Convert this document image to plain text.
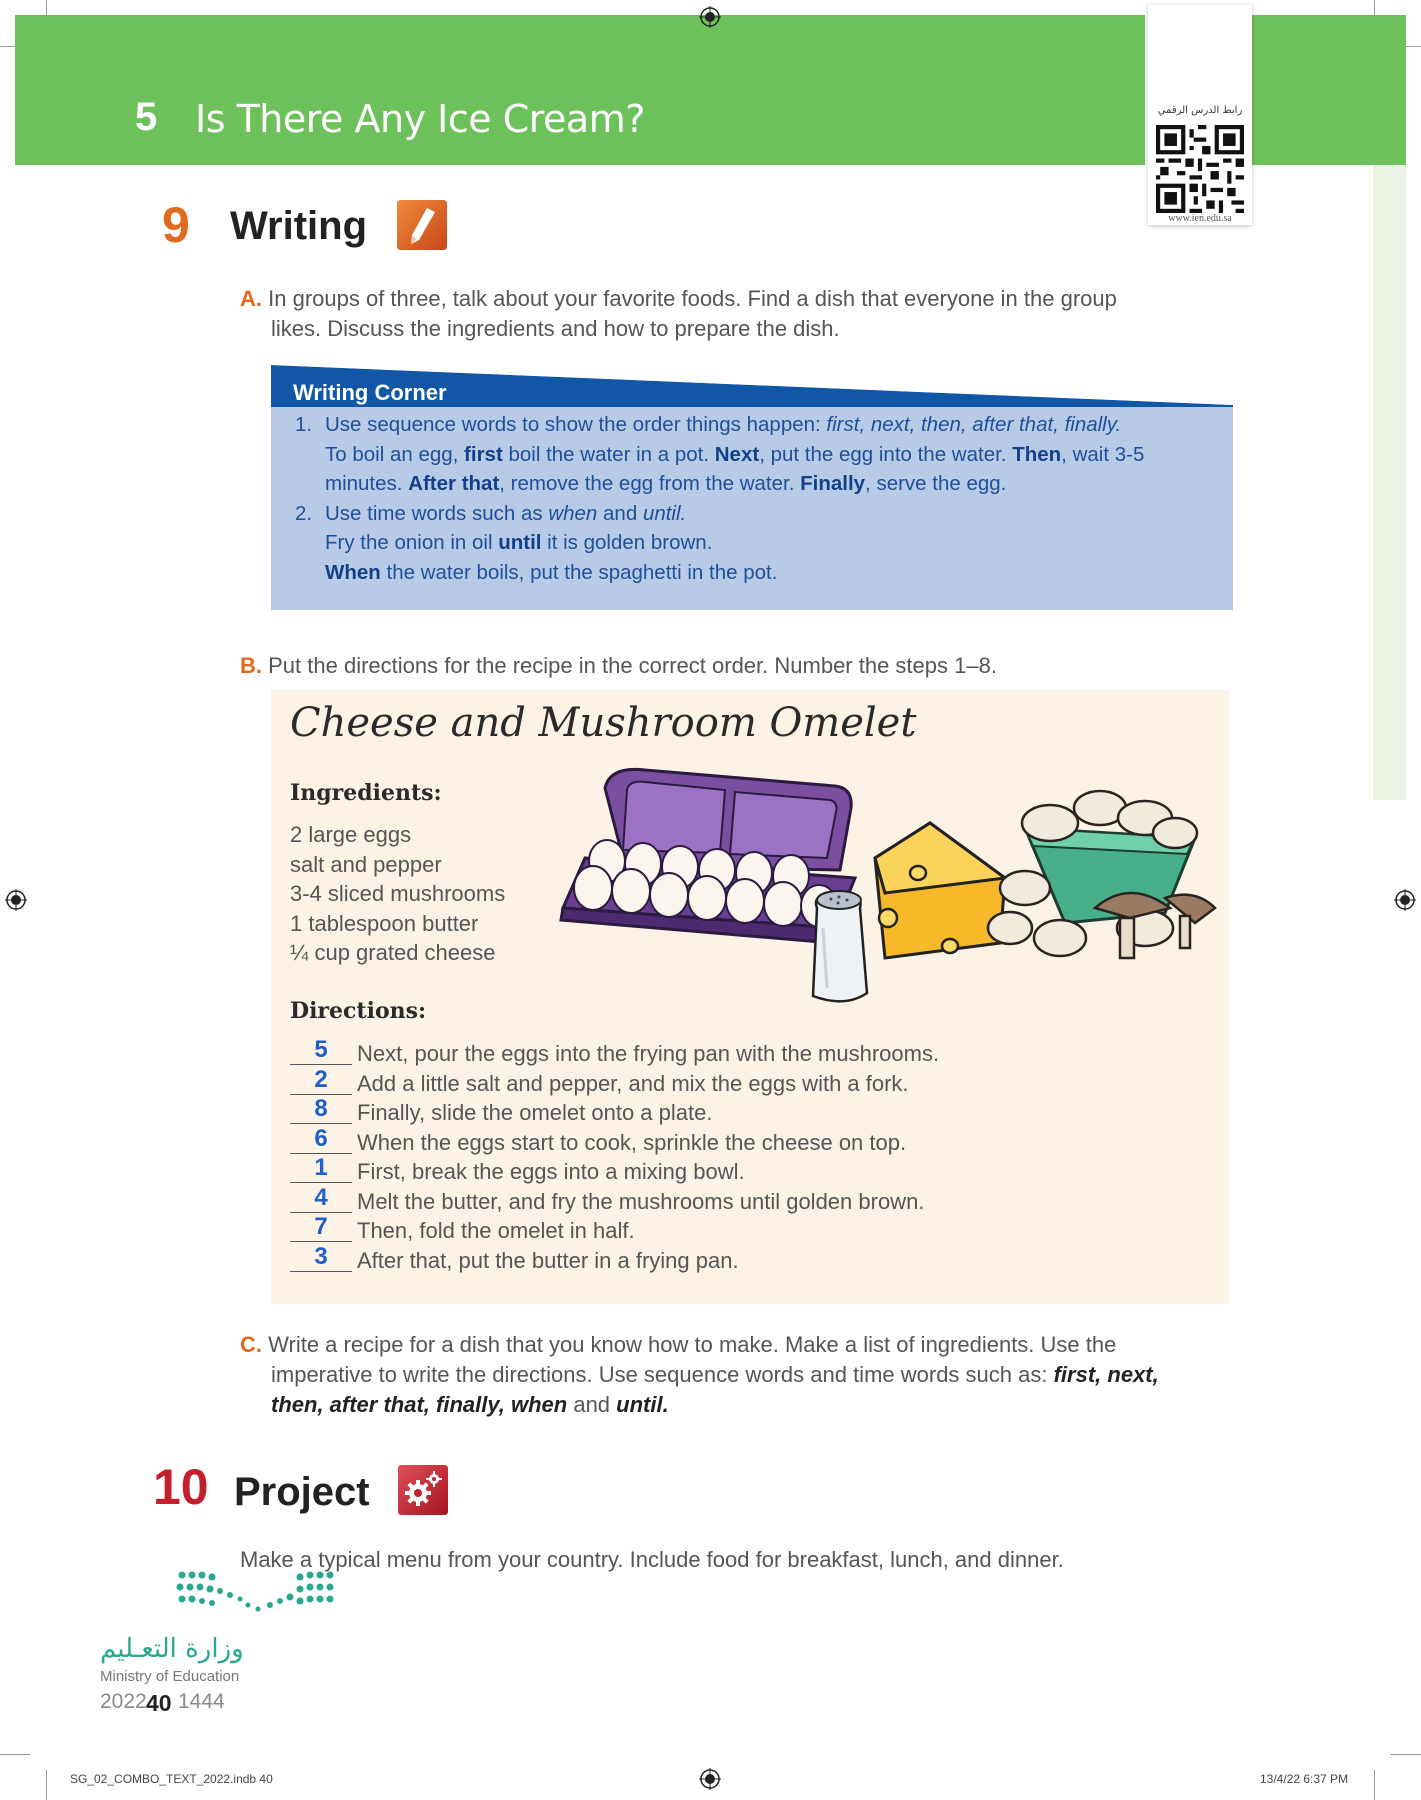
5 Is There Any Ice Cream?	رابط الدرس الرقمي
www.ien.edu.sa
9 Writing
A. In groups of three, talk about your favorite foods. Find a dish that everyone in the group
likes. Discuss the ingredients and how to prepare the dish.
Writing Corner
1. Use sequence words to show the order things happen: first, next, then, after that, finally.
To boil an egg, first boil the water in a pot. Next, put the egg into the water. Then, wait 3-5
minutes. After that, remove the egg from the water. Finally, serve the egg.
2. Use time words such as when and until.
Fry the onion in oil until it is golden brown.
When the water boils, put the spaghetti in the pot.
B. Put the directions for the recipe in the correct order. Number the steps 1–8.
Cheese and Mushroom Omelet
Ingredients:
2 large eggs
salt and pepper
3-4 sliced mushrooms
1 tablespoon butter
¼ cup grated cheese
Directions:
5	Next, pour the eggs into the frying pan with the mushrooms.
2	Add a little salt and pepper, and mix the eggs with a fork.
8	Finally, slide the omelet onto a plate.
6	When the eggs start to cook, sprinkle the cheese on top.
1	First, break the eggs into a mixing bowl.
4	Melt the butter, and fry the mushrooms until golden brown.
7	Then, fold the omelet in half.
3	After that, put the butter in a frying pan.
C. Write a recipe for a dish that you know how to make. Make a list of ingredients. Use the
imperative to write the directions. Use sequence words and time words such as: first, next,
then, after that, finally, when and until.
10 Project
Make a typical menu from your country. Include food for breakfast, lunch, and dinner.
وزارة التعـليم
Ministry of Education
2022 40 1444
SG_02_COMBO_TEXT_2022.indb 40	13/4/22 6:37 PM
